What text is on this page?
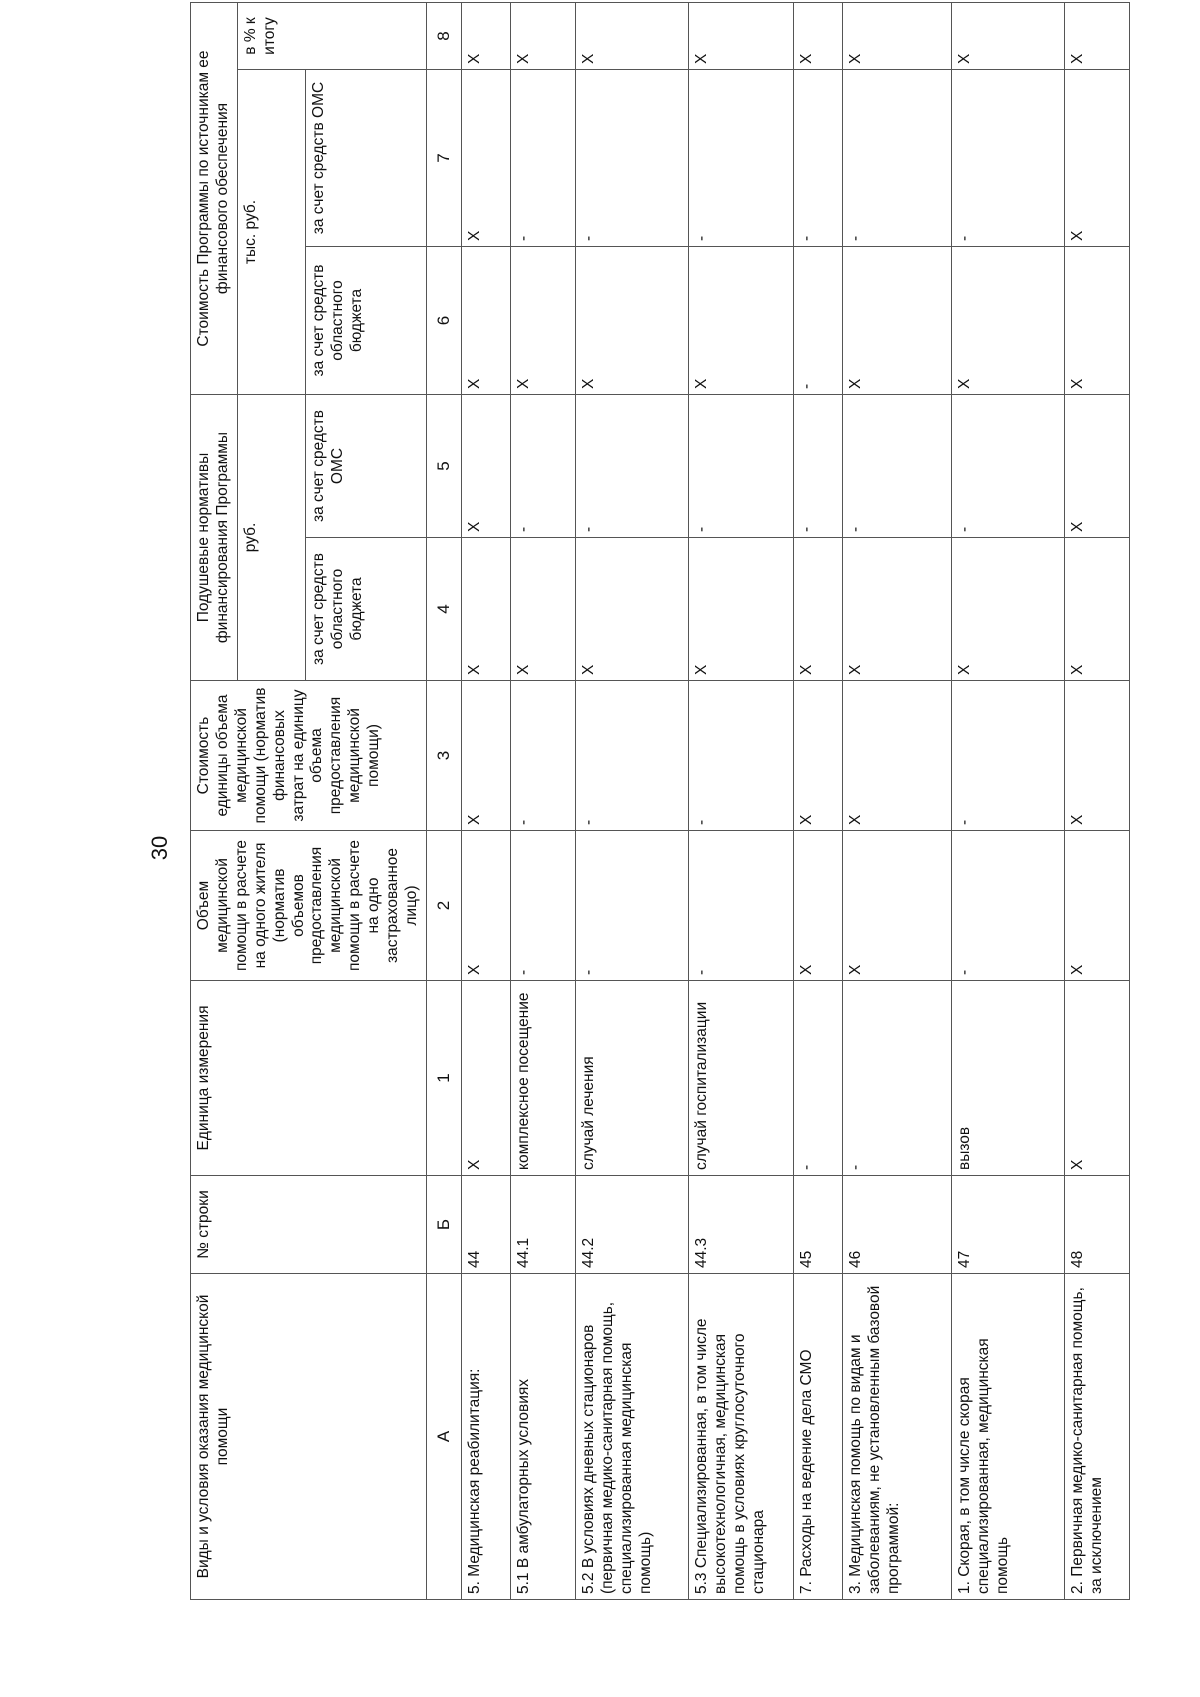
30
Виды и условия оказания медицинской помощи	№ строки	Единица измерения	Объем медицинской помощи в расчете на одного жителя (норматив объемов предоставления медицинской помощи в расчете на одно застрахованное лицо)	Стоимость единицы объема медицинской помощи (норматив финансовых затрат на единицу объема предоставления медицинской помощи)	Подушевые нормативы финансирования Программы		Стоимость Программы по источникам ее финансового обеспечения		
					руб.		тыс. руб.		в % к итогу
					за счет средств областного бюджета	за счет средств ОМС	за счет средств областного бюджета	за счет средств ОМС	
А	Б	1	2	3	4	5	6	7	8
5. Медицинская реабилитация:	44	X	X	X	X	X	X	X	X
5.1 В амбулаторных условиях	44.1	комплексное посещение	-	-	X	-	X	-	X
5.2 В условиях дневных стационаров (первичная медико-санитарная помощь, специализированная медицинская помощь)	44.2	случай лечения	-	-	X	-	X	-	X
5.3 Специализированная, в том числе высокотехнологичная, медицинская помощь в условиях круглосуточного стационара	44.3	случай госпитализации	-	-	X	-	X	-	X
7. Расходы на ведение дела СМО	45	-	X	X	X	-	-	-	X
3. Медицинская помощь по видам и заболеваниям, не установленным базовой программой:	46	-	X	X	X	-	X	-	X
1. Скорая, в том числе скорая специализированная, медицинская помощь	47	вызов	-	-	X	-	X	-	X
2. Первичная медико-санитарная помощь, за исключением	48	X	X	X	X	X	X	X	X
